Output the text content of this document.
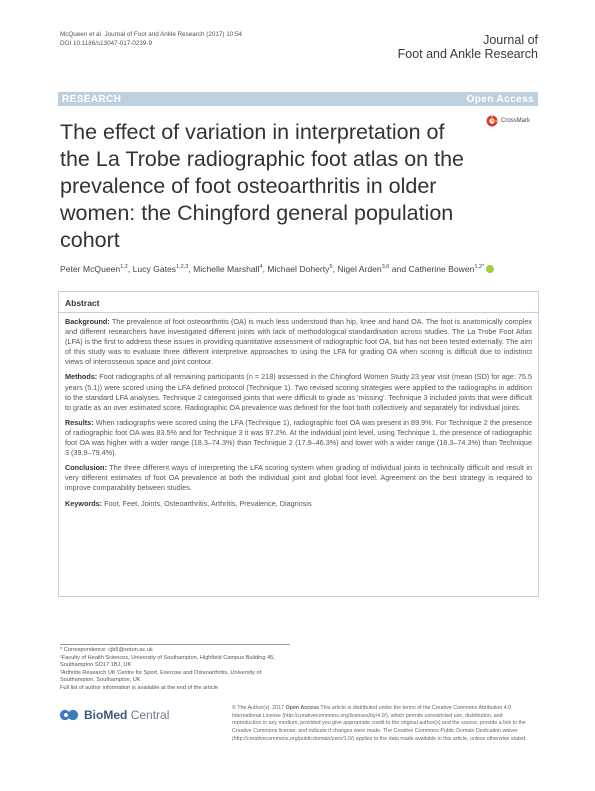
McQueen et al. Journal of Foot and Ankle Research (2017) 10:54
DOI 10.1186/s13047-017-0239-9	Journal of
Foot and Ankle Research
RESEARCH	Open Access
The effect of variation in interpretation of the La Trobe radiographic foot atlas on the prevalence of foot osteoarthritis in older women: the Chingford general population cohort
CrossMark
Peter McQueen$^{1,2}$, Lucy Gates$^{1,2,3}$, Michelle Marshall$^4$, Michael Doherty$^5$, Nigel Arden$^{3,6}$ and Catherine Bowen$^{1,2*}$
Abstract

Background: The prevalence of foot osteoarthritis (OA) is much less understood than hip, knee and hand OA. The foot is anatomically complex and different researchers have investigated different joints with lack of methodological standardisation across studies. The La Trobe Foot Atlas (LFA) is the first to address these issues in providing quantitative assessment of radiographic foot OA, but has not been tested externally. The aim of this study was to evaluate three different interpretive approaches to using the LFA for grading OA when scoring is difficult due to indistinct views of interosseous space and joint contour.

Methods: Foot radiographs of all remaining participants (n = 218) assessed in the Chingford Women Study 23 year visit (mean (SD) for age: 75.5 years (5.1)) were scored using the LFA defined protocol (Technique 1). Two revised scoring strategies were applied to the radiographs in addition to the standard LFA analyses. Technique 2 categorised joints that were difficult to grade as 'missing'. Technique 3 included joints that were difficult to grade as an over estimated score. Radiographic OA prevalence was defined for the foot both collectively and separately for individual joints.

Results: When radiographs were scored using the LFA (Technique 1), radiographic foot OA was present in 89.9%. For Technique 2 the presence of radiographic foot OA was 83.5% and for Technique 3 it was 97.2%. At the individual joint level, using Technique 1, the presence of radiographic foot OA was higher with a wider range (18.3–74.3%) than Technique 2 (17.9–46.3%) and lower with a wider range (18.3–74.3%) than Technique 3 (39.9–79.4%).

Conclusion: The three different ways of interpreting the LFA scoring system when grading of individual joints is technically difficult and result in very different estimates of foot OA prevalence at both the individual joint and global foot level. Agreement on the best strategy is required to improve comparability between studies.

Keywords: Foot, Feet, Joints, Osteoarthritis, Arthritis, Prevalence, Diagnosis

* Correspondence: cjb5@soton.ac.uk
¹Faculty of Health Sciences, University of Southampton, Highfield Campus Building 45, Southampton SO17 1BJ, UK
²Arthritis Research UK Centre for Sport, Exercise and Osteoarthritis, University of Southampton, Southampton, UK
Full list of author information is available at the end of the article
BioMed Central	© The Author(s). 2017 Open Access This article is distributed under the terms of the Creative Commons Attribution 4.0 International License (http://creativecommons.org/licenses/by/4.0/), which permits unrestricted use, distribution, and reproduction in any medium, provided you give appropriate credit to the original author(s) and the source, provide a link to the Creative Commons license, and indicate if changes were made. The Creative Commons Public Domain Dedication waiver (http://creativecommons.org/publicdomain/zero/1.0/) applies to the data made available in this article, unless otherwise stated.
